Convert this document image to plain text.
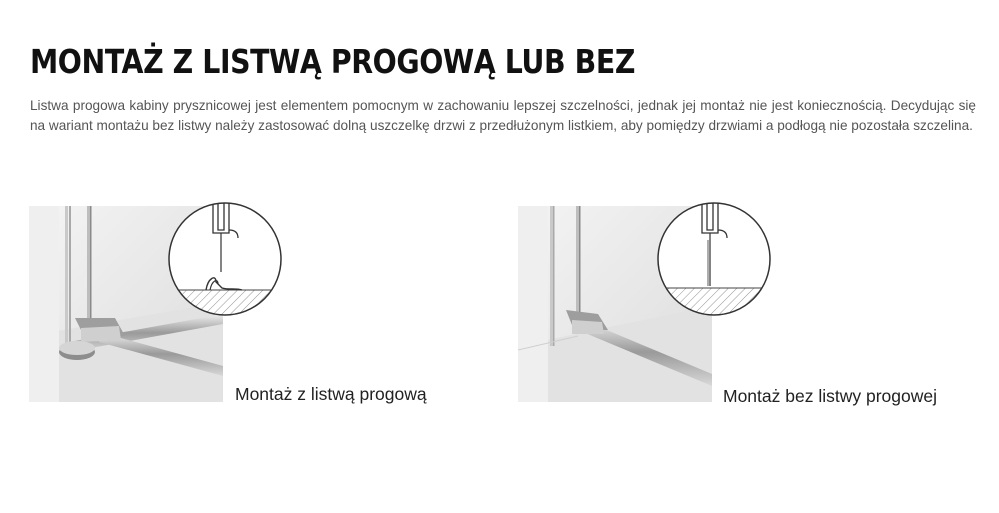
MONTAŻ Z LISTWĄ PROGOWĄ LUB BEZ

Listwa progowa kabiny prysznicowej jest elementem pomocnym w zachowaniu lepszej szczelności, jednak jej montaż nie jest koniecznością. Decydując się na wariant montażu bez listwy należy zastosować dolną uszczelkę drzwi z przedłużonym listkiem, aby pomiędzy drzwiami a podłogą nie pozostała szczelina.

Montaż z listwą progową	Montaż bez listwy progowej
